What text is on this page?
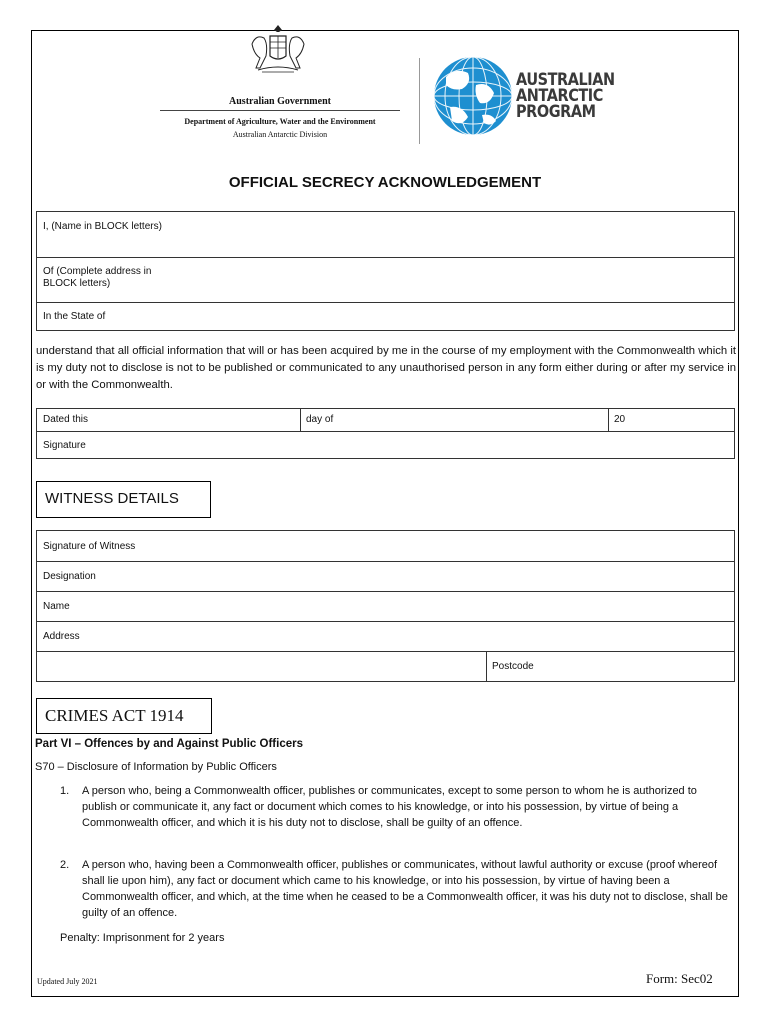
Australian Government
Department of Agriculture, Water and the Environment
Australian Antarctic Division
AUSTRALIAN
ANTARCTIC
PROGRAM
OFFICIAL SECRECY ACKNOWLEDGEMENT
I, (Name in BLOCK letters)
Of (Complete address in BLOCK letters)
In the State of
understand that all official information that will or has been acquired by me in the course of my employment with the Commonwealth which it is my duty not to disclose is not to be published or communicated to any unauthorised person in any form either during or after my service in or with the Commonwealth.
Dated this	day of	20
Signature
WITNESS DETAILS
Signature of Witness
Designation
Name
Address
Postcode
CRIMES ACT 1914
Part VI – Offences by and Against Public Officers
S70 – Disclosure of Information by Public Officers
1. A person who, being a Commonwealth officer, publishes or communicates, except to some person to whom he is authorized to publish or communicate it, any fact or document which comes to his knowledge, or into his possession, by virtue of being a Commonwealth officer, and which it is his duty not to disclose, shall be guilty of an offence.
2. A person who, having been a Commonwealth officer, publishes or communicates, without lawful authority or excuse (proof whereof shall lie upon him), any fact or document which came to his knowledge, or into his possession, by virtue of having been a Commonwealth officer, and which, at the time when he ceased to be a Commonwealth officer, it was his duty not to disclose, shall be guilty of an offence.
Penalty: Imprisonment for 2 years
Updated July 2021	Form: Sec02
